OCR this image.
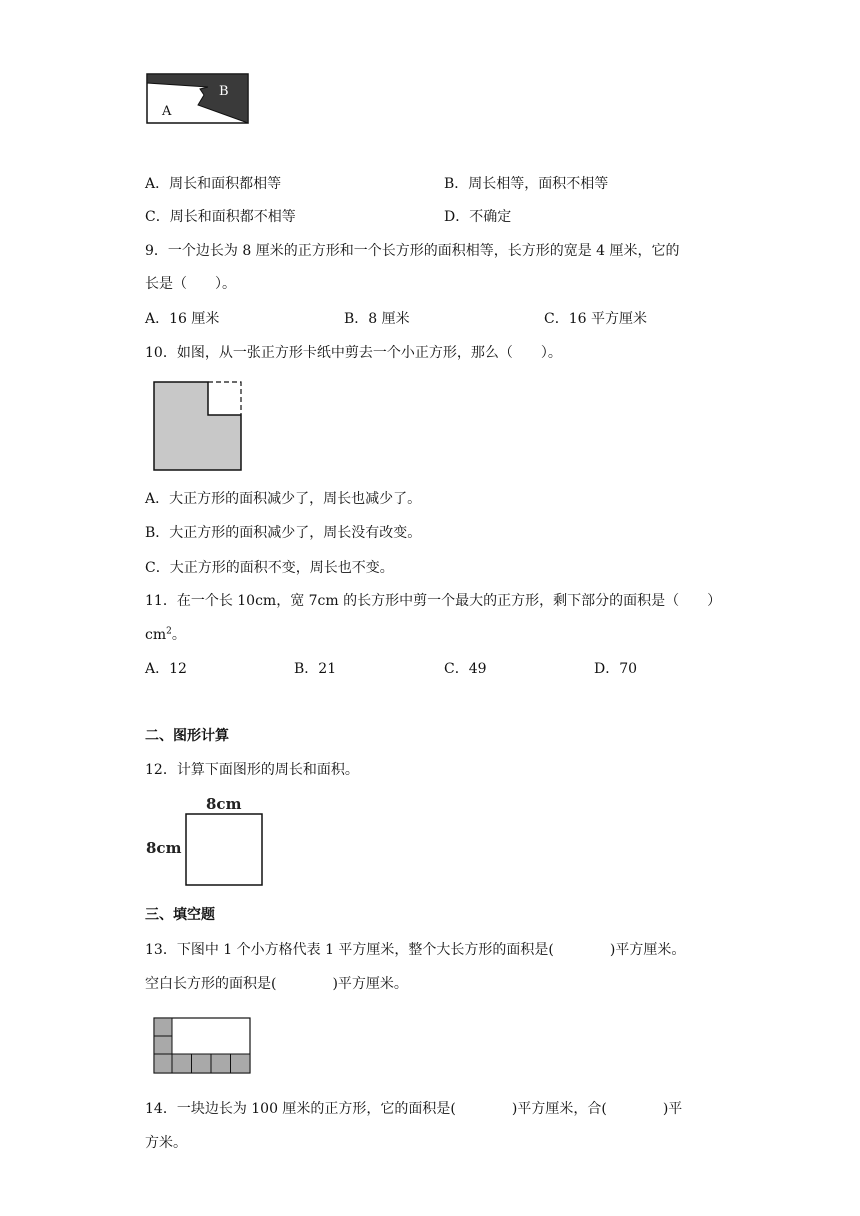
A
B
A．周长和面积都相等	B．周长相等，面积不相等
C．周长和面积都不相等	D．不确定
9．一个边长为 8 厘米的正方形和一个长方形的面积相等，长方形的宽是 4 厘米，它的
长是（　　）。
A．16 厘米	B．8 厘米	C．16 平方厘米
10．如图，从一张正方形卡纸中剪去一个小正方形，那么（　　）。
A．大正方形的面积减少了，周长也减少了。
B．大正方形的面积减少了，周长没有改变。
C．大正方形的面积不变，周长也不变。
11．在一个长 10cm，宽 7cm 的长方形中剪一个最大的正方形，剩下部分的面积是（　　）
$cm^2$。
A．12	B．21	C．49	D．70
二、图形计算
12．计算下面图形的周长和面积。
8cm
8cm
三、填空题
13．下图中 1 个小方格代表 1 平方厘米，整个大长方形的面积是(　　　　)平方厘米。
空白长方形的面积是(　　　　)平方厘米。
14．一块边长为 100 厘米的正方形，它的面积是(　　　　)平方厘米，合(　　　　)平
方米。
